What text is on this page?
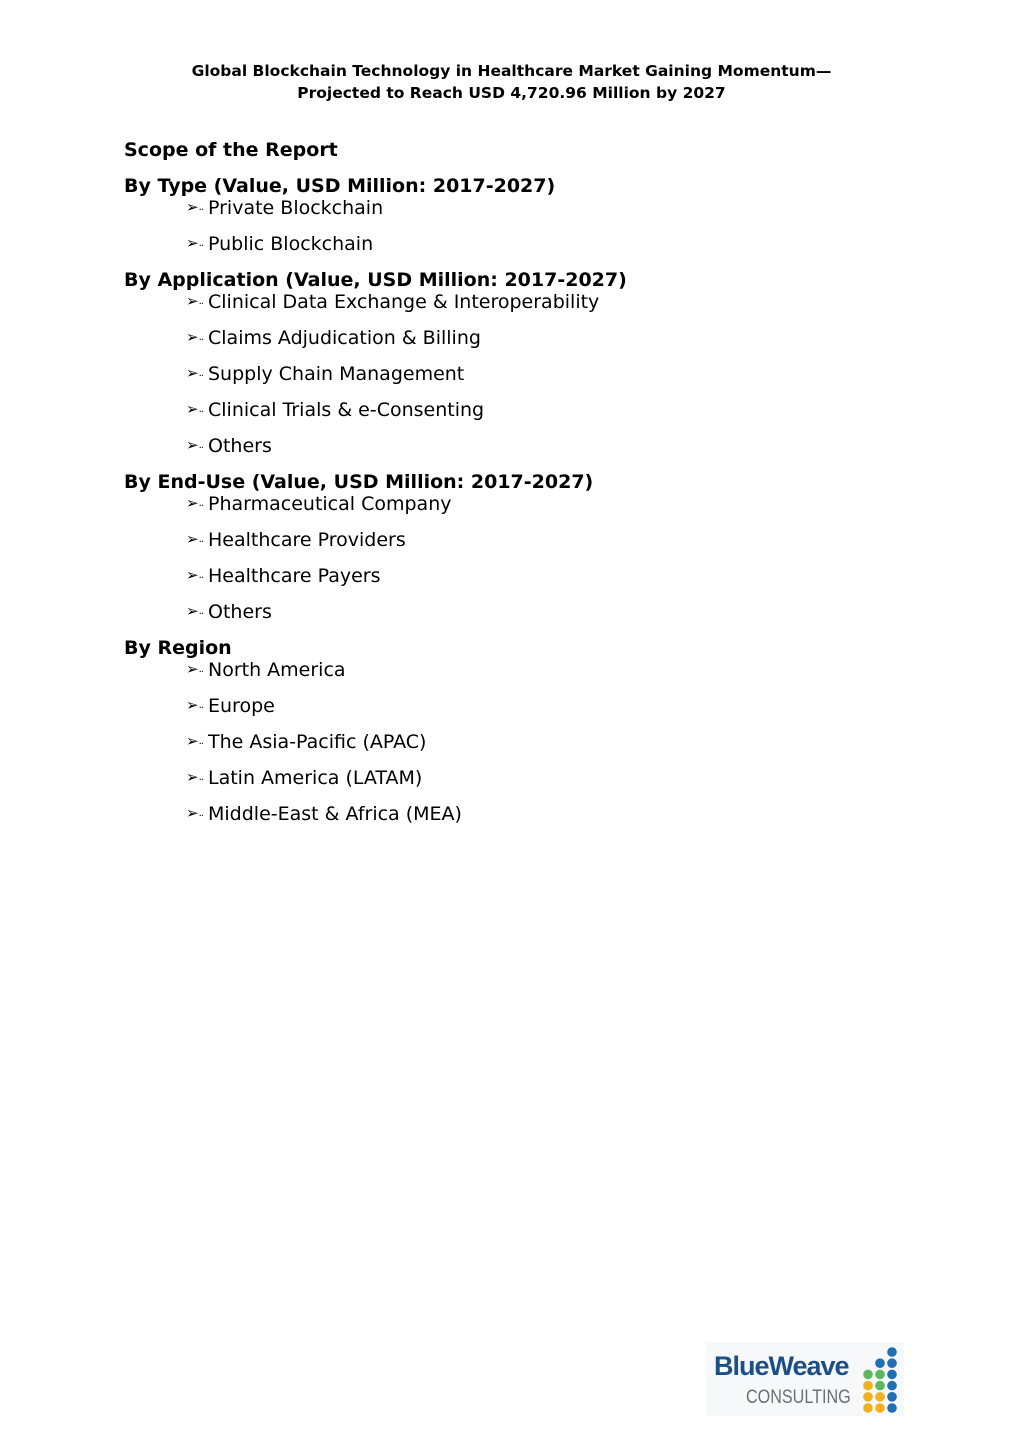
Global Blockchain Technology in Healthcare Market Gaining Momentum—
Projected to Reach USD 4,720.96 Million by 2027
Scope of the Report
By Type (Value, USD Million: 2017-2027)
➢·· Private Blockchain
➢·· Public Blockchain
By Application (Value, USD Million: 2017-2027)
➢·· Clinical Data Exchange & Interoperability
➢·· Claims Adjudication & Billing
➢·· Supply Chain Management
➢·· Clinical Trials & e-Consenting
➢·· Others
By End-Use (Value, USD Million: 2017-2027)
➢·· Pharmaceutical Company
➢·· Healthcare Providers
➢·· Healthcare Payers
➢·· Others
By Region
➢·· North America
➢·· Europe
➢·· The Asia-Pacific (APAC)
➢·· Latin America (LATAM)
➢·· Middle-East & Africa (MEA)
BlueWeave
CONSULTING
